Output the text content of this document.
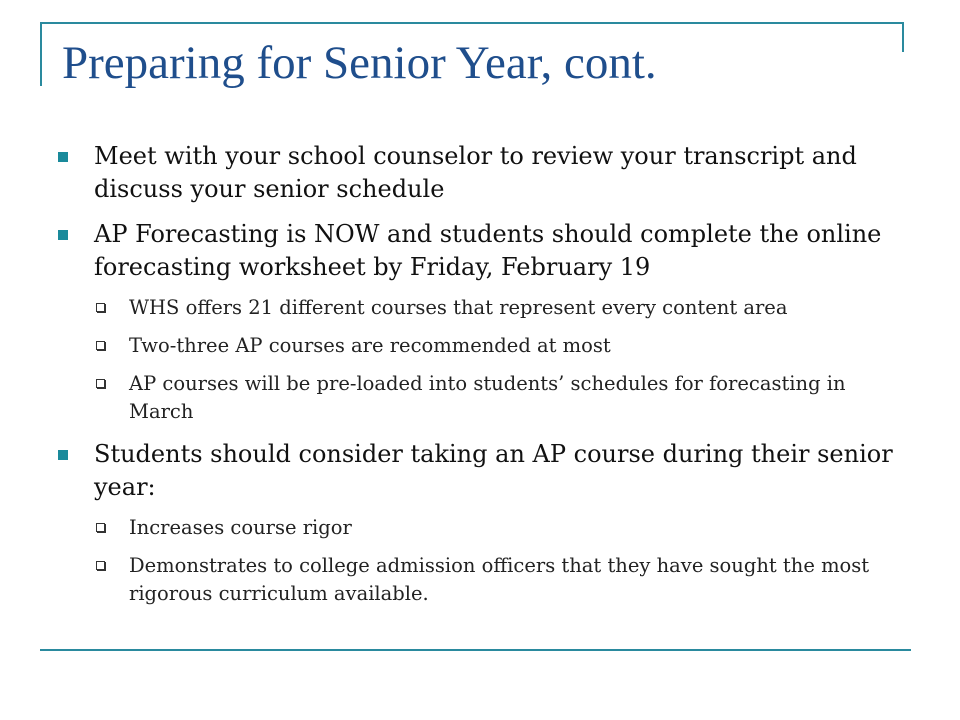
Preparing for Senior Year, cont.
Meet with your school counselor to review your transcript and discuss your senior schedule
AP Forecasting is NOW and students should complete the online forecasting worksheet by Friday, February 19
WHS offers 21 different courses that represent every content area
Two-three AP courses are recommended at most
AP courses will be pre-loaded into students’ schedules for forecasting in March
Students should consider taking an AP course during their senior year:
Increases course rigor
Demonstrates to college admission officers that they have sought the most rigorous curriculum available.
